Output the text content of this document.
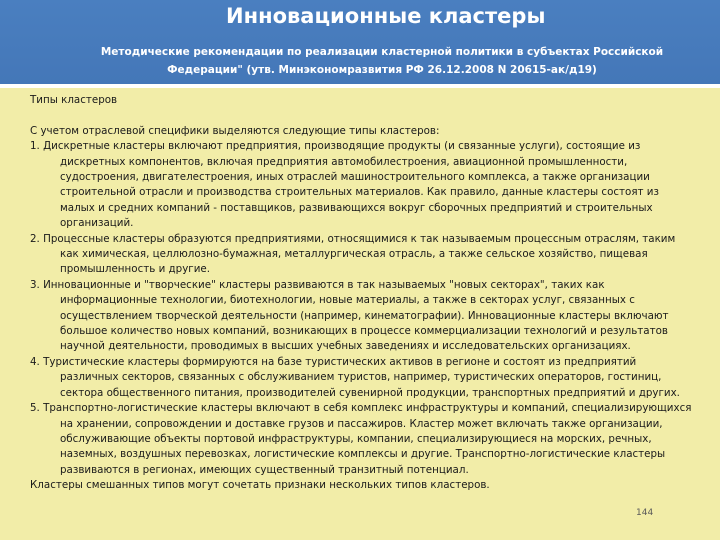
Инновационные кластеры
Методические рекомендации по реализации кластерной политики в субъектах Российской Федерации" (утв. Минэкономразвития РФ 26.12.2008 N 20615-ак/д19)

Типы кластеров

С учетом отраслевой специфики выделяются следующие типы кластеров:

1. Дискретные кластеры включают предприятия, производящие продукты (и связанные услуги), состоящие из дискретных компонентов, включая предприятия автомобилестроения, авиационной промышленности, судостроения, двигателестроения, иных отраслей машиностроительного комплекса, а также организации строительной отрасли и производства строительных материалов. Как правило, данные кластеры состоят из малых и средних компаний - поставщиков, развивающихся вокруг сборочных предприятий и строительных организаций.

2. Процессные кластеры образуются предприятиями, относящимися к так называемым процессным отраслям, таким как химическая, целлюлозно-бумажная, металлургическая отрасль, а также сельское хозяйство, пищевая промышленность и другие.

3. Инновационные и "творческие" кластеры развиваются в так называемых "новых секторах", таких как информационные технологии, биотехнологии, новые материалы, а также в секторах услуг, связанных с осуществлением творческой деятельности (например, кинематографии). Инновационные кластеры включают большое количество новых компаний, возникающих в процессе коммерциализации технологий и результатов научной деятельности, проводимых в высших учебных заведениях и исследовательских организациях.

4. Туристические кластеры формируются на базе туристических активов в регионе и состоят из предприятий различных секторов, связанных с обслуживанием туристов, например, туристических операторов, гостиниц, сектора общественного питания, производителей сувенирной продукции, транспортных предприятий и других.

5. Транспортно-логистические кластеры включают в себя комплекс инфраструктуры и компаний, специализирующихся на хранении, сопровождении и доставке грузов и пассажиров. Кластер может включать также организации, обслуживающие объекты портовой инфраструктуры, компании, специализирующиеся на морских, речных, наземных, воздушных перевозках, логистические комплексы и другие. Транспортно-логистические кластеры развиваются в регионах, имеющих существенный транзитный потенциал.

Кластеры смешанных типов могут сочетать признаки нескольких типов кластеров.

144
